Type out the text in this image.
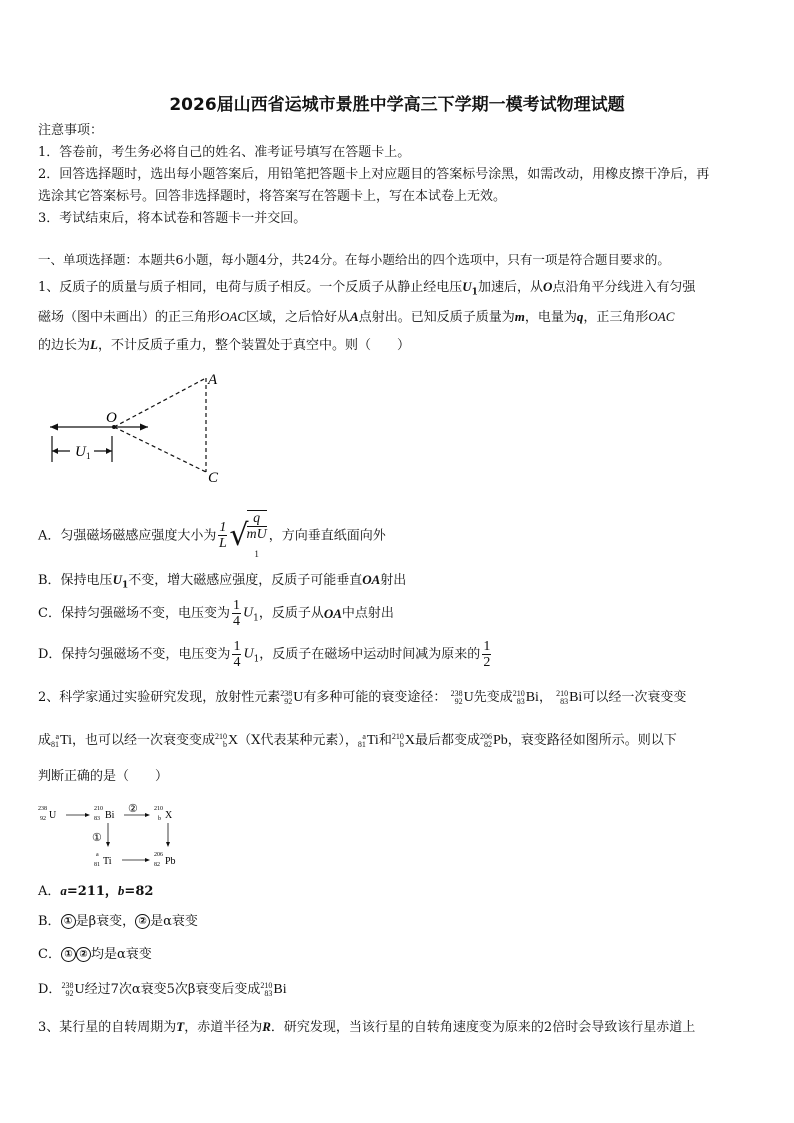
2026届山西省运城市景胜中学高三下学期一模考试物理试题
注意事项：
1．答卷前，考生务必将自己的姓名、准考证号填写在答题卡上。
2．回答选择题时，选出每小题答案后，用铅笔把答题卡上对应题目的答案标号涂黑，如需改动，用橡皮擦干净后，再
选涂其它答案标号。回答非选择题时，将答案写在答题卡上，写在本试卷上无效。
3．考试结束后，将本试卷和答题卡一并交回。
一、单项选择题：本题共6小题，每小题4分，共24分。在每小题给出的四个选项中，只有一项是符合题目要求的。
1、反质子的质量与质子相同，电荷与质子相反。一个反质子从静止经电压$U_1$加速后，从O点沿角平分线进入有匀强
磁场（图中未画出）的正三角形OAC区域，之后恰好从A点射出。已知反质子质量为m，电量为q，正三角形OAC
的边长为L，不计反质子重力，整个装置处于真空中。则（　　）
A
O
C
U 1
A．匀强磁场磁感应强度大小为 $\frac{1}{L}$ √
q
mU
$_1$ ，方向垂直纸面向外
B．保持电压$U_1$不变，增大磁感应强度，反质子可能垂直OA射出
C．保持匀强磁场不变，电压变为 $\frac{1}{4} U_1$，反质子从OA中点射出
D．保持匀强磁场不变，电压变为 $\frac{1}{4} U_1$，反质子在磁场中运动时间减为原来的 $\frac{1}{2}$
2、科学家通过实验研究发现，放射性元素238
92U有多种可能的衰变途径： 238
92U先变成210
83Bi， 210
83Bi可以经一次衰变变
成 a
81Ti，也可以经一次衰变变成210
bX（X代表某种元素）， a
81Ti和210
bX最后都变成206
82Pb，衰变路径如图所示。则以下
判断正确的是（　　）
238
92 U
210
83 Bi
210
b X
a
81 Ti
206
82 Pb
②
①
A．a=211，b=82
B． ① 是β衰变， ② 是α衰变
C． ① ② 均是α衰变
D．238
92U经过7次α衰变5次β衰变后变成210
83Bi
3、某行星的自转周期为T，赤道半径为R．研究发现，当该行星的自转角速度变为原来的2倍时会导致该行星赤道上
